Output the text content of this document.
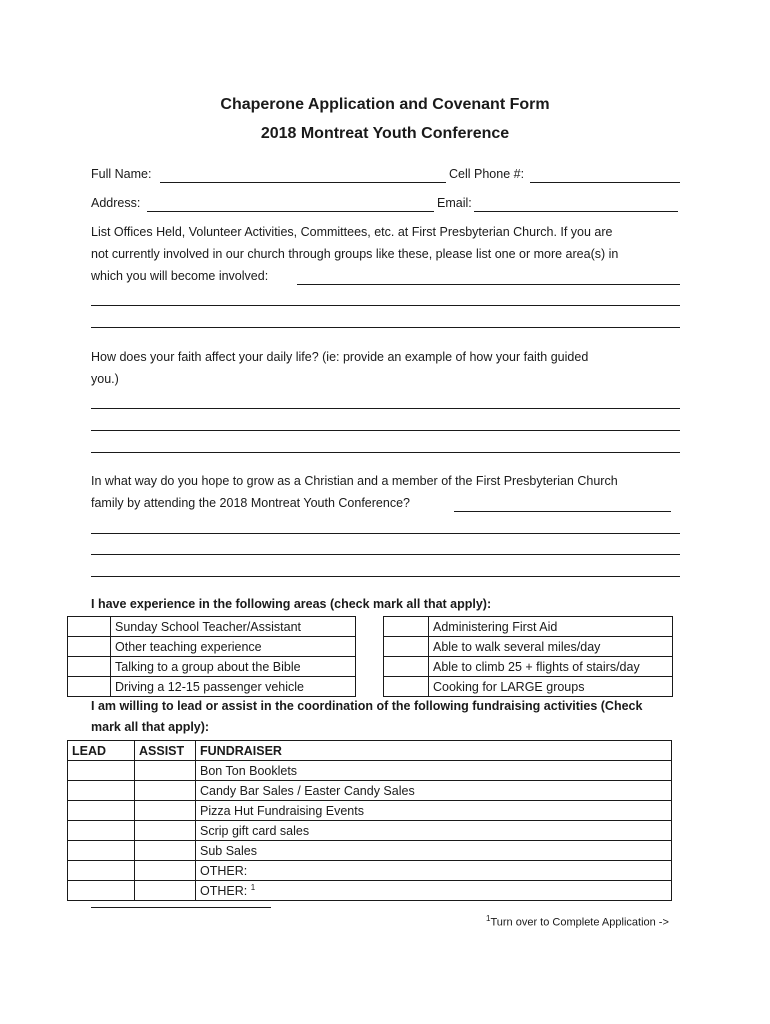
Chaperone Application and Covenant Form
2018 Montreat Youth Conference
Full Name:	Cell Phone #:
Address:	Email:
List Offices Held, Volunteer Activities, Committees, etc. at First Presbyterian Church. If you are
not currently involved in our church through groups like these, please list one or more area(s) in
which you will become involved:
How does your faith affect your daily life? (ie: provide an example of how your faith guided
you.)
In what way do you hope to grow as a Christian and a member of the First Presbyterian Church
family by attending the 2018 Montreat Youth Conference?
I have experience in the following areas (check mark all that apply):
	Sunday School Teacher/Assistant
	Other teaching experience
	Talking to a group about the Bible
	Driving a 12-15 passenger vehicle
	Administering First Aid
	Able to walk several miles/day
	Able to climb 25 + flights of stairs/day
	Cooking for LARGE groups
I am willing to lead or assist in the coordination of the following fundraising activities (Check
mark all that apply):
LEAD	ASSIST	FUNDRAISER
		Bon Ton Booklets
		Candy Bar Sales / Easter Candy Sales
		Pizza Hut Fundraising Events
		Scrip gift card sales
		Sub Sales
		OTHER:
		OTHER: $^1$
$^1$Turn over to Complete Application ->
